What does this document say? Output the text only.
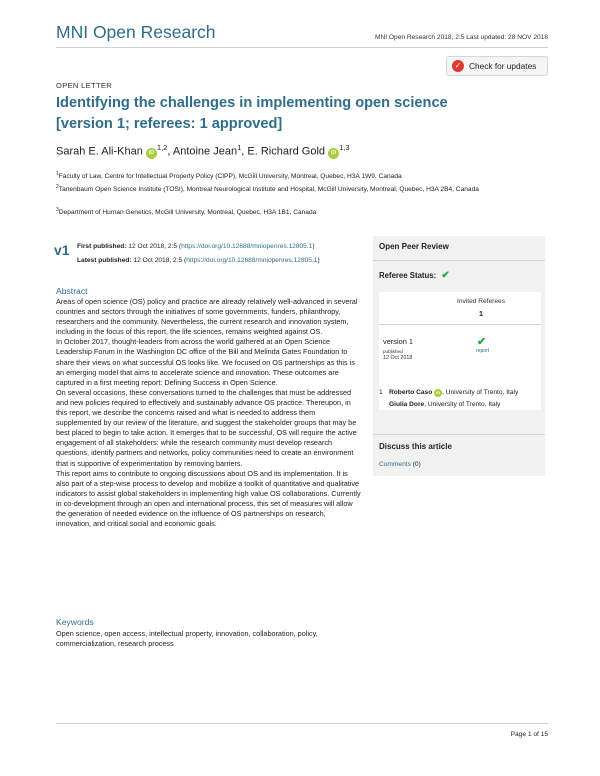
MNI Open Research	MNI Open Research 2018, 2:5 Last updated: 28 NOV 2018
✓ Check for updates
OPEN LETTER
Identifying the challenges in implementing open science [version 1; referees: 1 approved]
Sarah E. Ali-Khan iD$^{1,2}$, Antoine Jean$^1$, E. Richard Gold iD$^{1,3}$
$^1$Faculty of Law, Centre for Intellectual Property Policy (CIPP), McGill University, Montreal, Quebec, H3A 1W9, Canada
$^2$Tanenbaum Open Science Institute (TOSI), Montreal Neurological Institute and Hospital, McGill University, Montreal, Quebec, H3A 2B4, Canada
$^3$Department of Human Genetics, McGill University, Montreal, Quebec, H3A 1B1, Canada
v1 First published: 12 Oct 2018, 2:5 (https://doi.org/10.12688/mniopenres.12805.1)
Latest published: 12 Oct 2018, 2:5 (https://doi.org/10.12688/mniopenres.12805.1)
Abstract

Areas of open science (OS) policy and practice are already relatively well-advanced in several countries and sectors through the initiatives of some governments, funders, philanthropy, researchers and the community. Nevertheless, the current research and innovation system, including in the focus of this report, the life sciences, remains weighted against OS.

In October 2017, thought-leaders from across the world gathered at an Open Science Leadership Forum in the Washington DC office of the Bill and Melinda Gates Foundation to share their views on what successful OS looks like. We focused on OS partnerships as this is an emerging model that aims to accelerate science and innovation. These outcomes are captured in a first meeting report: Defining Success in Open Science.

On several occasions, these conversations turned to the challenges that must be addressed and new policies required to effectively and sustainably advance OS practice. Thereupon, in this report, we describe the concerns raised and what is needed to address them supplemented by our review of the literature, and suggest the stakeholder groups that may be best placed to begin to take action. It emerges that to be successful, OS will require the active engagement of all stakeholders: while the research community must develop research questions, identify partners and networks, policy communities need to create an environment that is supportive of experimentation by removing barriers.

This report aims to contribute to ongoing discussions about OS and its implementation. It is also part of a step-wise process to develop and mobilize a toolkit of quantitative and qualitative indicators to assist global stakeholders in implementing high value OS collaborations. Currently in co-development through an open and international process, this set of measures will allow the generation of needed evidence on the influence of OS partnerships on research, innovation, and critical social and economic goals.

Keywords
Open science, open access, intellectual property, innovation, collaboration, policy, commercialization, research process
Open Peer Review
Referee Status: ✔
Invited Referees
1
version 1
published
12 Oct 2018
✔
report
1 Roberto Caso iD , University of Trento, Italy
Giulia Dore, University of Trento, Italy
Discuss this article
Comments (0)
Page 1 of 15
